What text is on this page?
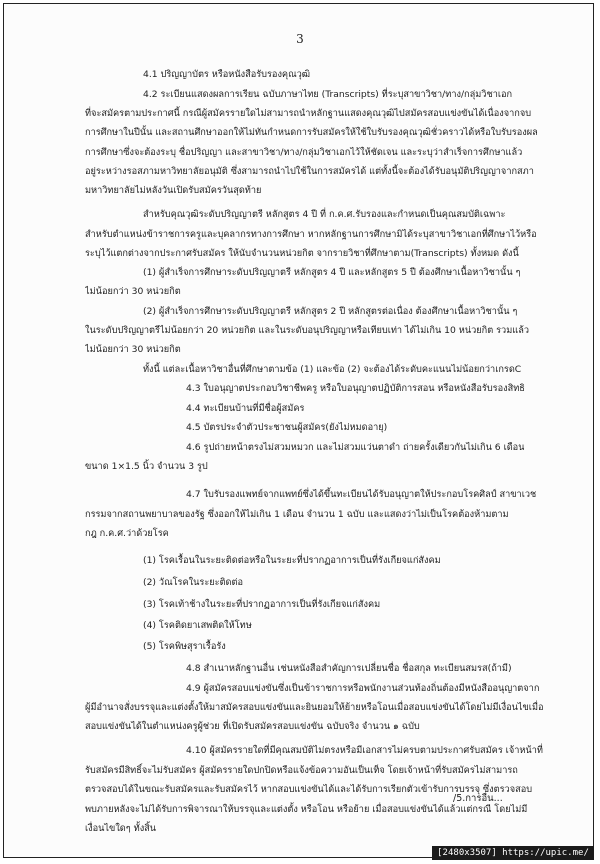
3

4.1 ปริญญาบัตร หรือหนังสือรับรองคุณวุฒิ

4.2 ระเบียนแสดงผลการเรียน ฉบับภาษาไทย (Transcripts) ที่ระบุสาขาวิชา/ทาง/กลุ่มวิชาเอก

ที่จะสมัครตามประกาศนี้ กรณีผู้สมัครรายใดไม่สามารถนำหลักฐานแสดงคุณวุฒิไปสมัครสอบแข่งขันได้เนื่องจากจบ

การศึกษาในปีนั้น และสถานศึกษาออกให้ไม่ทันกำหนดการรับสมัครให้ใช้ใบรับรองคุณวุฒิชั่วคราวได้หรือใบรับรองผล

การศึกษาซึ่งจะต้องระบุ ชื่อปริญญา และสาขาวิชา/ทาง/กลุ่มวิชาเอกไว้ให้ชัดเจน และระบุว่าสำเร็จการศึกษาแล้ว

อยู่ระหว่างรอสภามหาวิทยาลัยอนุมัติ ซึ่งสามารถนำไปใช้ในการสมัครได้ แต่ทั้งนี้จะต้องได้รับอนุมัติปริญญาจากสภา

มหาวิทยาลัยไม่หลังวันเปิดรับสมัครวันสุดท้าย

สำหรับคุณวุฒิระดับปริญญาตรี หลักสูตร 4 ปี ที่ ก.ค.ศ.รับรองและกำหนดเป็นคุณสมบัติเฉพาะ

สำหรับตำแหน่งข้าราชการครูและบุคลากรทางการศึกษา หากหลักฐานการศึกษามิได้ระบุสาขาวิชาเอกที่ศึกษาไว้หรือ

ระบุไว้แตกต่างจากประกาศรับสมัคร ให้นับจำนวนหน่วยกิต จากรายวิชาที่ศึกษาตาม(Transcripts) ทั้งหมด ดังนี้

(1) ผู้สำเร็จการศึกษาระดับปริญญาตรี หลักสูตร 4 ปี และหลักสูตร 5 ปี ต้องศึกษาเนื้อหาวิชานั้น ๆ

ไม่น้อยกว่า 30 หน่วยกิต

(2) ผู้สำเร็จการศึกษาระดับปริญญาตรี หลักสูตร 2 ปี หลักสูตรต่อเนื่อง ต้องศึกษาเนื้อหาวิชานั้น ๆ

ในระดับปริญญาตรีไม่น้อยกว่า 20 หน่วยกิต และในระดับอนุปริญญาหรือเทียบเท่า ได้ไม่เกิน 10 หน่วยกิต รวมแล้ว

ไม่น้อยกว่า 30 หน่วยกิต

ทั้งนี้ แต่ละเนื้อหาวิชาอื่นที่ศึกษาตามข้อ (1) และข้อ (2) จะต้องได้ระดับคะแนนไม่น้อยกว่าเกรดC

4.3 ใบอนุญาตประกอบวิชาชีพครู หรือใบอนุญาตปฏิบัติการสอน หรือหนังสือรับรองสิทธิ

4.4 ทะเบียนบ้านที่มีชื่อผู้สมัคร

4.5 บัตรประจำตัวประชาชนผู้สมัคร(ยังไม่หมดอายุ)

4.6 รูปถ่ายหน้าตรงไม่สวมหมวก และไม่สวมแว่นตาดำ ถ่ายครั้งเดียวกันไม่เกิน 6 เดือน

ขนาด 1×1.5 นิ้ว จำนวน 3 รูป

4.7 ใบรับรองแพทย์จากแพทย์ซึ่งได้ขึ้นทะเบียนได้รับอนุญาตให้ประกอบโรคศิลป์ สาขาเวช

กรรมจากสถานพยาบาลของรัฐ ซึ่งออกให้ไม่เกิน 1 เดือน จำนวน 1 ฉบับ และแสดงว่าไม่เป็นโรคต้องห้ามตาม

กฎ ก.ค.ศ.ว่าด้วยโรค

(1) โรคเรื้อนในระยะติดต่อหรือในระยะที่ปรากฏอาการเป็นที่รังเกียจแก่สังคม

(2) วัณโรคในระยะติดต่อ

(3) โรคเท้าช้างในระยะที่ปรากฏอาการเป็นที่รังเกียจแก่สังคม

(4) โรคติดยาเสพติดให้โทษ

(5) โรคพิษสุราเรื้อรัง

4.8 สำเนาหลักฐานอื่น เช่นหนังสือสำคัญการเปลี่ยนชื่อ ชื่อสกุล ทะเบียนสมรส(ถ้ามี)

4.9 ผู้สมัครสอบแข่งขันซึ่งเป็นข้าราชการหรือพนักงานส่วนท้องถิ่นต้องมีหนังสืออนุญาตจาก

ผู้มีอำนาจสั่งบรรจุและแต่งตั้งให้มาสมัครสอบแข่งขันและยินยอมให้ย้ายหรือโอนเมื่อสอบแข่งขันได้โดยไม่มีเงื่อนไขเมื่อ

สอบแข่งขันได้ในตำแหน่งครูผู้ช่วย ที่เปิดรับสมัครสอบแข่งขัน ฉบับจริง จำนวน ๑ ฉบับ

4.10 ผู้สมัครรายใดที่มีคุณสมบัติไม่ตรงหรือมีเอกสารไม่ครบตามประกาศรับสมัคร เจ้าหน้าที่

รับสมัครมีสิทธิ์จะไม่รับสมัคร ผู้สมัครรายใดปกปิดหรือแจ้งข้อความอันเป็นเท็จ โดยเจ้าหน้าที่รับสมัครไม่สามารถ

ตรวจสอบได้ในขณะรับสมัครและรับสมัครไว้ หากสอบแข่งขันได้และได้รับการเรียกตัวเข้ารับการบรรจุ ซึ่งตรวจสอบ

พบภายหลังจะไม่ได้รับการพิจารณาให้บรรจุและแต่งตั้ง หรือโอน หรือย้าย เมื่อสอบแข่งขันได้แล้วแต่กรณี โดยไม่มี

เงื่อนไขใดๆ ทั้งสิ้น

/5.การอื่น...

[2480x3507] https://upic.me/
